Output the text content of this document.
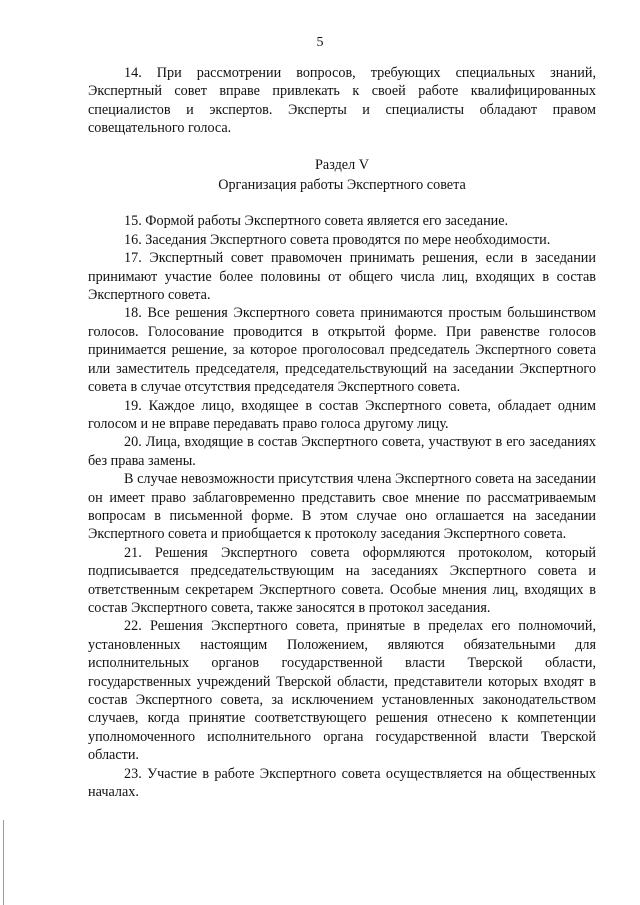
5

14. При рассмотрении вопросов, требующих специальных знаний, Экспертный совет вправе привлекать к своей работе квалифицированных специалистов и экспертов. Эксперты и специалисты обладают правом совещательного голоса.

Раздел V

Организация работы Экспертного совета

15. Формой работы Экспертного совета является его заседание.

16. Заседания Экспертного совета проводятся по мере необходимости.

17. Экспертный совет правомочен принимать решения, если в заседании принимают участие более половины от общего числа лиц, входящих в состав Экспертного совета.

18. Все решения Экспертного совета принимаются простым большинством голосов. Голосование проводится в открытой форме. При равенстве голосов принимается решение, за которое проголосовал председатель Экспертного совета или заместитель председателя, председательствующий на заседании Экспертного совета в случае отсутствия председателя Экспертного совета.

19. Каждое лицо, входящее в состав Экспертного совета, обладает одним голосом и не вправе передавать право голоса другому лицу.

20. Лица, входящие в состав Экспертного совета, участвуют в его заседаниях без права замены.

В случае невозможности присутствия члена Экспертного совета на заседании он имеет право заблаговременно представить свое мнение по рассматриваемым вопросам в письменной форме. В этом случае оно оглашается на заседании Экспертного совета и приобщается к протоколу заседания Экспертного совета.

21. Решения Экспертного совета оформляются протоколом, который подписывается председательствующим на заседаниях Экспертного совета и ответственным секретарем Экспертного совета. Особые мнения лиц, входящих в состав Экспертного совета, также заносятся в протокол заседания.

22. Решения Экспертного совета, принятые в пределах его полномочий, установленных настоящим Положением, являются обязательными для исполнительных органов государственной власти Тверской области, государственных учреждений Тверской области, представители которых входят в состав Экспертного совета, за исключением установленных законодательством случаев, когда принятие соответствующего решения отнесено к компетенции уполномоченного исполнительного органа государственной власти Тверской области.

23. Участие в работе Экспертного совета осуществляется на общественных началах.
